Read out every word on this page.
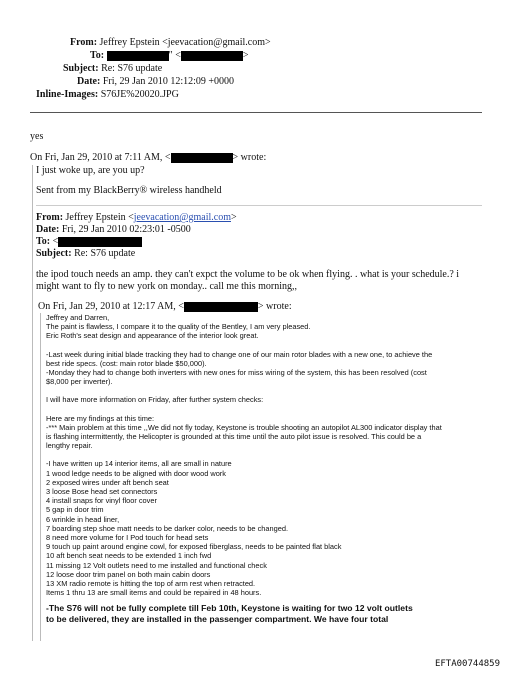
From: Jeffrey Epstein <jeevacation@gmail.com>
To:	" <	>
Subject: Re: S76 update
Date: Fri, 29 Jan 2010 12:12:09 +0000
Inline-Images: S76JE%20020.JPG
yes
On Fri, Jan 29, 2010 at 7:11 AM, <	> wrote:
I just woke up, are you up?
Sent from my BlackBerry® wireless handheld
From: Jeffrey Epstein <jeevacation@gmail.com>
Date: Fri, 29 Jan 2010 02:23:01 -0500
To: <
Subject: Re: S76 update
the ipod touch needs an amp. they can't expct the volume to be ok when flying. . what is your schedule.? i
might want to fly to new york on monday.. call me this morning,,
On Fri, Jan 29, 2010 at 12:17 AM, <	> wrote:
Jeffrey and Darren,
The paint is flawless, I compare it to the quality of the Bentley, I am very pleased.
Eric Roth's seat design and appearance of the interior look great.
-Last week during initial blade tracking they had to change one of our main rotor blades with a new one, to achieve the
best ride specs. (cost: main rotor blade $50,000).
-Monday they had to change both inverters with new ones for miss wiring of the system, this has been resolved (cost
$8,000 per inverter).
I will have more information on Friday, after further system checks:
Here are my findings at this time:
-*** Main problem at this time ,,We did not fly today, Keystone is trouble shooting an autopilot AL300 indicator display that
is flashing intermittently, the Helicopter is grounded at this time until the auto pilot issue is resolved. This could be a
lengthy repair.
-I have written up 14 interior items, all are small in nature
1 wood ledge needs to be aligned with door wood work
2 exposed wires under aft bench seat
3 loose Bose head set connectors
4 install snaps for vinyl floor cover
5 gap in door trim
6 wrinkle in head liner,
7 boarding step shoe matt needs to be darker color, needs to be changed.
8 need more volume for I Pod touch for head sets
9 touch up paint around engine cowl, for exposed fiberglass, needs to be painted flat black
10 aft bench seat needs to be extended 1 inch fwd
11 missing 12 Volt outlets need to me installed and functional check
12 loose door trim panel on both main cabin doors
13 XM radio remote is hitting the top of arm rest when retracted.
Items 1 thru 13 are small items and could be repaired in 48 hours.
-The S76 will not be fully complete till Feb 10th, Keystone is waiting for two 12 volt outlets
to be delivered, they are installed in the passenger compartment. We have four total
EFTA00744859
